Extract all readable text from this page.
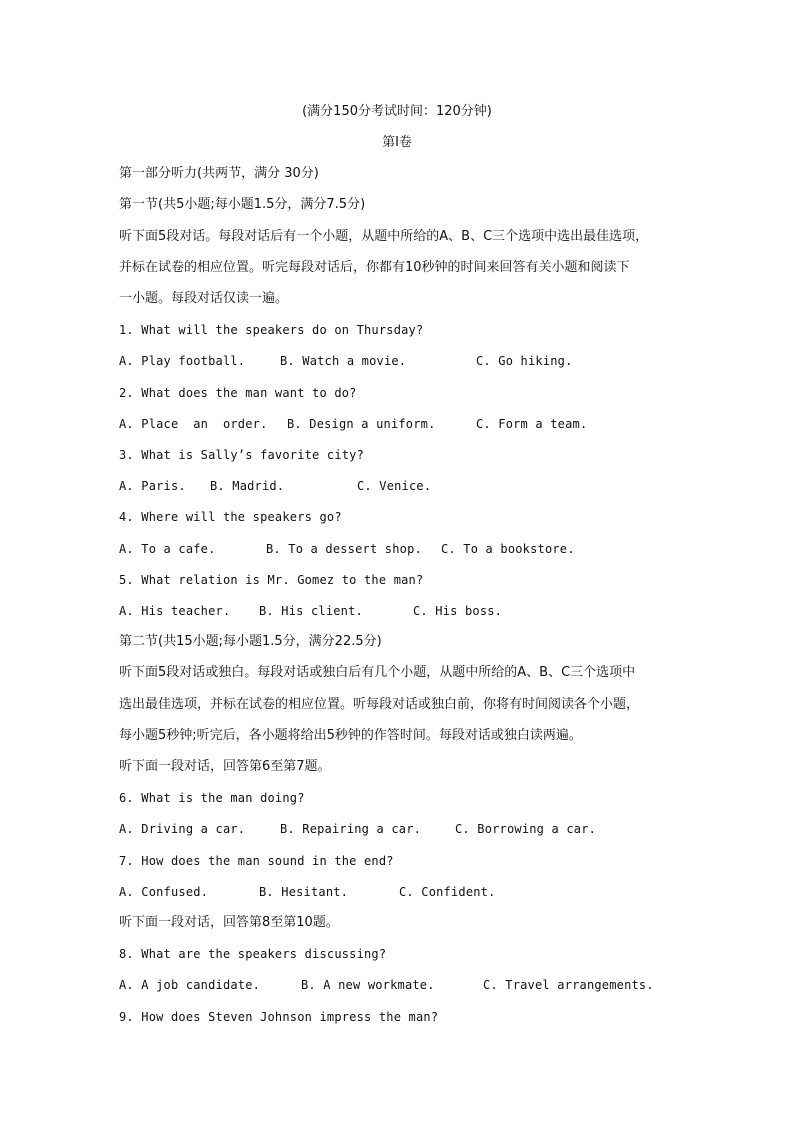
(满分150分考试时间：120分钟)
第I卷
第一部分听力(共两节，满分 30分)
第一节(共5小题;每小题1.5分，满分7.5分)
听下面5段对话。每段对话后有一个小题，从题中所给的A、B、C三个选项中选出最佳选项，
并标在试卷的相应位置。听完每段对话后，你都有10秒钟的时间来回答有关小题和阅读下
一小题。每段对话仅读一遍。
1. What will the speakers do on Thursday?
A. Play football.	B. Watch a movie.	C. Go hiking.
2. What does the man want to do?
A. Place  an  order. B. Design a uniform.	C. Form a team.
3. What is Sally’s favorite city?
A. Paris. B. Madrid.	C. Venice.
4. Where will the speakers go?
A. To a cafe.	B. To a dessert shop. C. To a bookstore.
5. What relation is Mr. Gomez to the man?
A. His teacher. B. His client.	C. His boss.
第二节(共15小题;每小题1.5分，满分22.5分)
听下面5段对话或独白。每段对话或独白后有几个小题，从题中所给的A、B、C三个选项中
选出最佳选项，并标在试卷的相应位置。听每段对话或独白前，你将有时间阅读各个小题，
每小题5秒钟;听完后，各小题将给出5秒钟的作答时间。每段对话或独白读两遍。
听下面一段对话，回答第6至第7题。
6. What is the man doing?
A. Driving a car.	B. Repairing a car.	C. Borrowing a car.
7. How does the man sound in the end?
A. Confused.	B. Hesitant.	C. Confident.
听下面一段对话，回答第8至第10题。
8. What are the speakers discussing?
A. A job candidate.	B. A new workmate.	C. Travel arrangements.
9. How does Steven Johnson impress the man?
